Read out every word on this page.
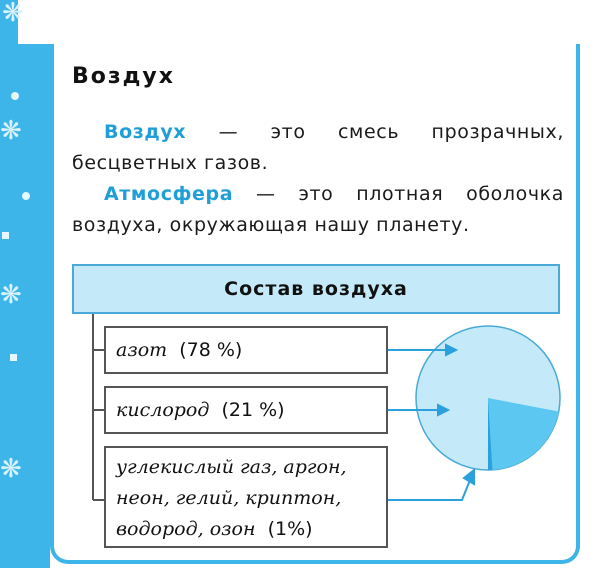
❋
❋
❋
❋
Воздух
Воздух — это смесь прозрачных, бесцветных газов.
Атмосфера — это плотная оболочка воздуха, окружающая нашу планету.
Состав воздуха
азот (78 %)
кислород (21 %)
углекислый газ, аргон, неон, гелий, криптон, водород, озон (1%)
